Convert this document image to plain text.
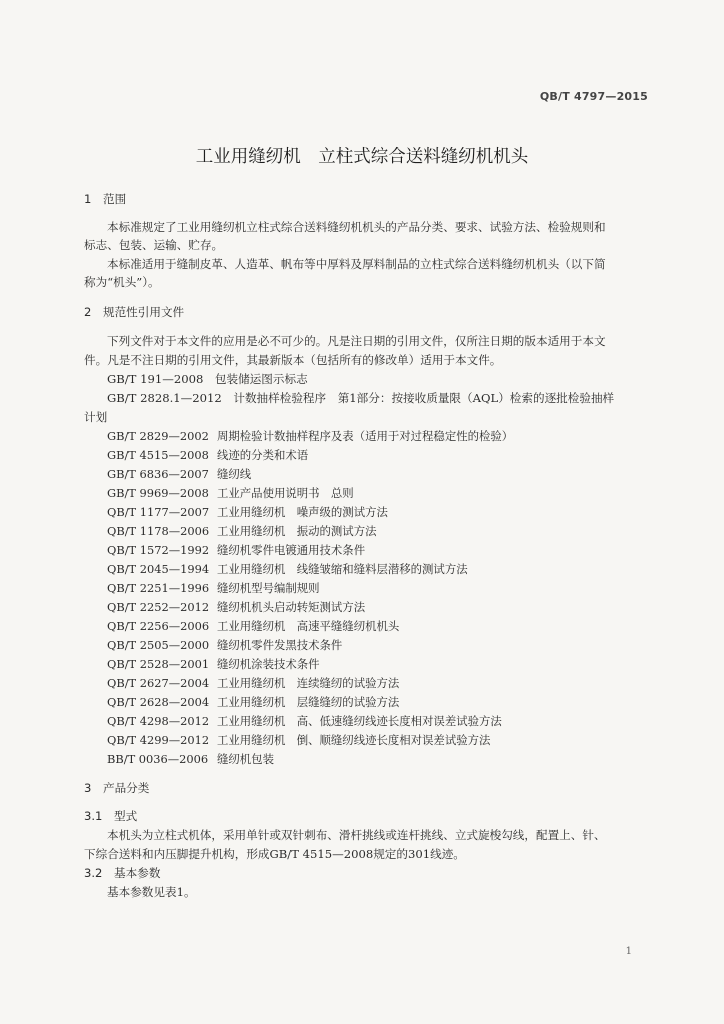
QB/T 4797—2015
工业用缝纫机　立柱式综合送料缝纫机机头
1　范围
本标准规定了工业用缝纫机立柱式综合送料缝纫机机头的产品分类、要求、试验方法、检验规则和
标志、包装、运输、贮存。
本标准适用于缝制皮革、人造革、帆布等中厚料及厚料制品的立柱式综合送料缝纫机机头（以下简
称为“机头”）。
2　规范性引用文件
下列文件对于本文件的应用是必不可少的。凡是注日期的引用文件，仅所注日期的版本适用于本文
件。凡是不注日期的引用文件，其最新版本（包括所有的修改单）适用于本文件。
GB/T 191—2008　包装储运图示标志
GB/T 2828.1—2012　计数抽样检验程序　第1部分：按接收质量限（AQL）检索的逐批检验抽样
计划
GB/T 2829—2002 周期检验计数抽样程序及表（适用于对过程稳定性的检验）
GB/T 4515—2008 线迹的分类和术语
GB/T 6836—2007 缝纫线
GB/T 9969—2008 工业产品使用说明书　总则
QB/T 1177—2007 工业用缝纫机　噪声级的测试方法
QB/T 1178—2006 工业用缝纫机　振动的测试方法
QB/T 1572—1992 缝纫机零件电镀通用技术条件
QB/T 2045—1994 工业用缝纫机　线缝皱缩和缝料层潜移的测试方法
QB/T 2251—1996 缝纫机型号编制规则
QB/T 2252—2012 缝纫机机头启动转矩测试方法
QB/T 2256—2006 工业用缝纫机　高速平缝缝纫机机头
QB/T 2505—2000 缝纫机零件发黑技术条件
QB/T 2528—2001 缝纫机涂装技术条件
QB/T 2627—2004 工业用缝纫机　连续缝纫的试验方法
QB/T 2628—2004 工业用缝纫机　层缝缝纫的试验方法
QB/T 4298—2012 工业用缝纫机　高、低速缝纫线迹长度相对误差试验方法
QB/T 4299—2012 工业用缝纫机　倒、顺缝纫线迹长度相对误差试验方法
BB/T 0036—2006 缝纫机包装
3　产品分类
3.1　型式
本机头为立柱式机体，采用单针或双针刺布、滑杆挑线或连杆挑线、立式旋梭勾线，配置上、针、
下综合送料和内压脚提升机构，形成GB/T 4515—2008规定的301线迹。
3.2　基本参数
基本参数见表1。
1
